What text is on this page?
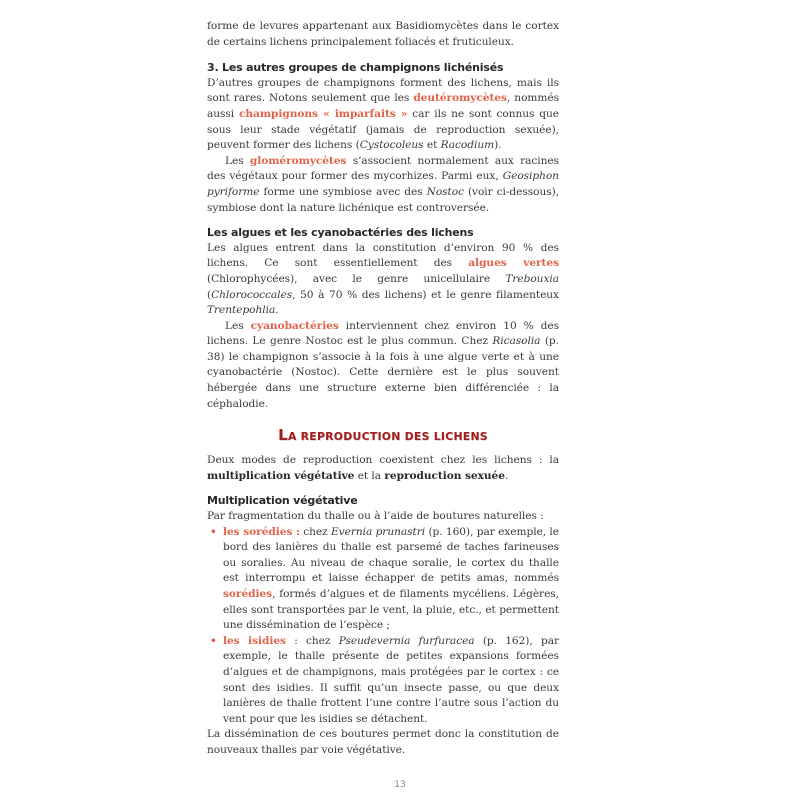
forme de levures appartenant aux Basidiomycètes dans le cortex de certains lichens principalement foliacés et fruticuleux.

3. Les autres groupes de champignons lichénisés

D’autres groupes de champignons forment des lichens, mais ils sont rares. Notons seulement que les deutéromycètes, nommés aussi champignons « imparfaits » car ils ne sont connus que sous leur stade végétatif (jamais de reproduction sexuée), peuvent former des lichens (Cystocoleus et Racodium).

Les gloméromycètes s’associent normalement aux racines des végétaux pour former des mycorhizes. Parmi eux, Geosiphon pyriforme forme une symbiose avec des Nostoc (voir ci-dessous), symbiose dont la nature lichénique est controversée.

Les algues et les cyanobactéries des lichens

Les algues entrent dans la constitution d’environ 90 % des lichens. Ce sont essentiellement des algues vertes (Chlorophycées), avec le genre unicellulaire Trebouxia (Chlorococcales, 50 à 70 % des lichens) et le genre filamenteux Trentepohlia.

Les cyanobactéries interviennent chez environ 10 % des lichens. Le genre Nostoc est le plus commun. Chez Ricasolia (p. 38) le champignon s’associe à la fois à une algue verte et à une cyanobactérie (Nostoc). Cette dernière est le plus souvent hébergée dans une structure externe bien différenciée : la céphalodie.

LA REPRODUCTION DES LICHENS

Deux modes de reproduction coexistent chez les lichens : la multiplication végétative et la reproduction sexuée.

Multiplication végétative

Par fragmentation du thalle ou à l’aide de boutures naturelles :

• les sorédies : chez Evernia prunastri (p. 160), par exemple, le bord des lanières du thalle est parsemé de taches farineuses ou soralies. Au niveau de chaque soralie, le cortex du thalle est interrompu et laisse échapper de petits amas, nommés sorédies, formés d’algues et de filaments mycéliens. Légères, elles sont transportées par le vent, la pluie, etc., et permettent une dissémination de l’espèce ;
• les isidies : chez Pseudevernia furfuracea (p. 162), par exemple, le thalle présente de petites expansions formées d’algues et de champignons, mais protégées par le cortex : ce sont des isidies. Il suffit qu’un insecte passe, ou que deux lanières de thalle frottent l’une contre l’autre sous l’action du vent pour que les isidies se détachent.

La dissémination de ces boutures permet donc la constitution de nouveaux thalles par voie végétative.

13
